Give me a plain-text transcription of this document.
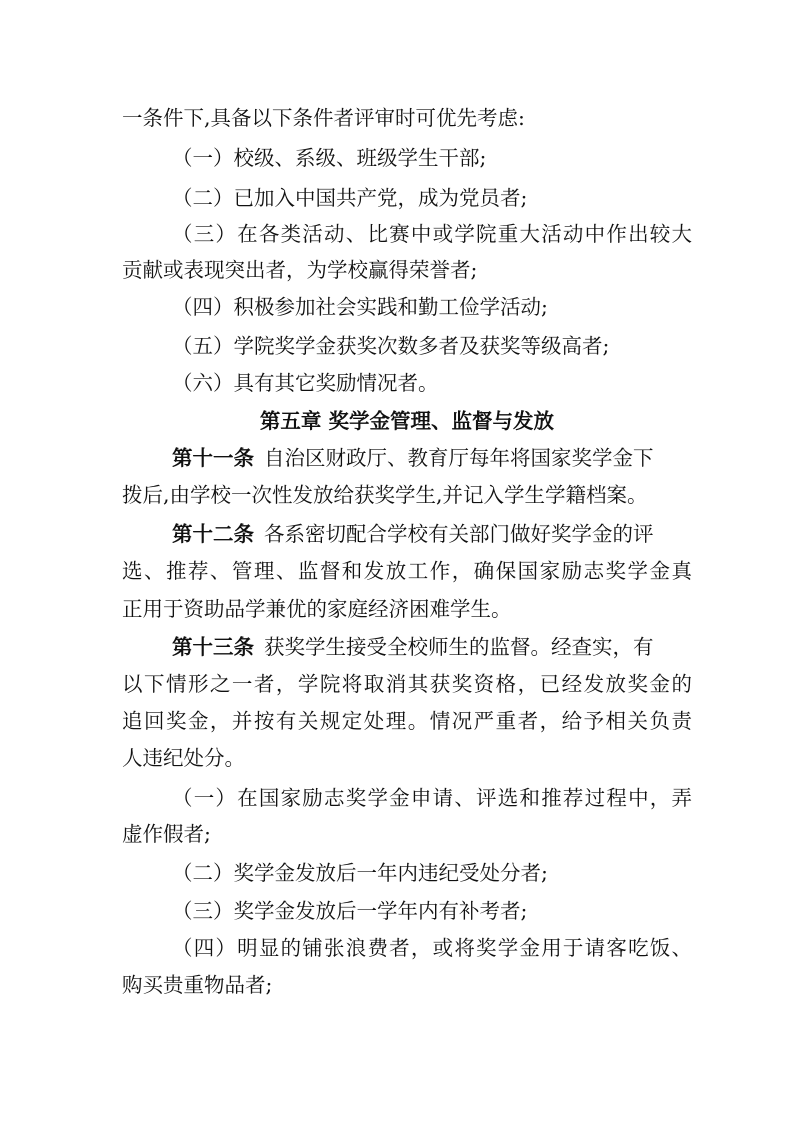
一条件下,具备以下条件者评审时可优先考虑:
（一）校级、系级、班级学生干部;
（二）已加入中国共产党，成为党员者;
（三）在各类活动、比赛中或学院重大活动中作出较大
贡献或表现突出者，为学校赢得荣誉者;
（四）积极参加社会实践和勤工俭学活动;
（五）学院奖学金获奖次数多者及获奖等级高者;
（六）具有其它奖励情况者。
第五章 奖学金管理、监督与发放
第十一条 自治区财政厅、教育厅每年将国家奖学金下
拨后,由学校一次性发放给获奖学生,并记入学生学籍档案。
第十二条 各系密切配合学校有关部门做好奖学金的评
选、推荐、管理、监督和发放工作，确保国家励志奖学金真
正用于资助品学兼优的家庭经济困难学生。
第十三条 获奖学生接受全校师生的监督。经查实，有
以下情形之一者，学院将取消其获奖资格，已经发放奖金的
追回奖金，并按有关规定处理。情况严重者，给予相关负责
人违纪处分。
（一）在国家励志奖学金申请、评选和推荐过程中，弄
虚作假者;
（二）奖学金发放后一年内违纪受处分者;
（三）奖学金发放后一学年内有补考者;
（四）明显的铺张浪费者，或将奖学金用于请客吃饭、
购买贵重物品者;
